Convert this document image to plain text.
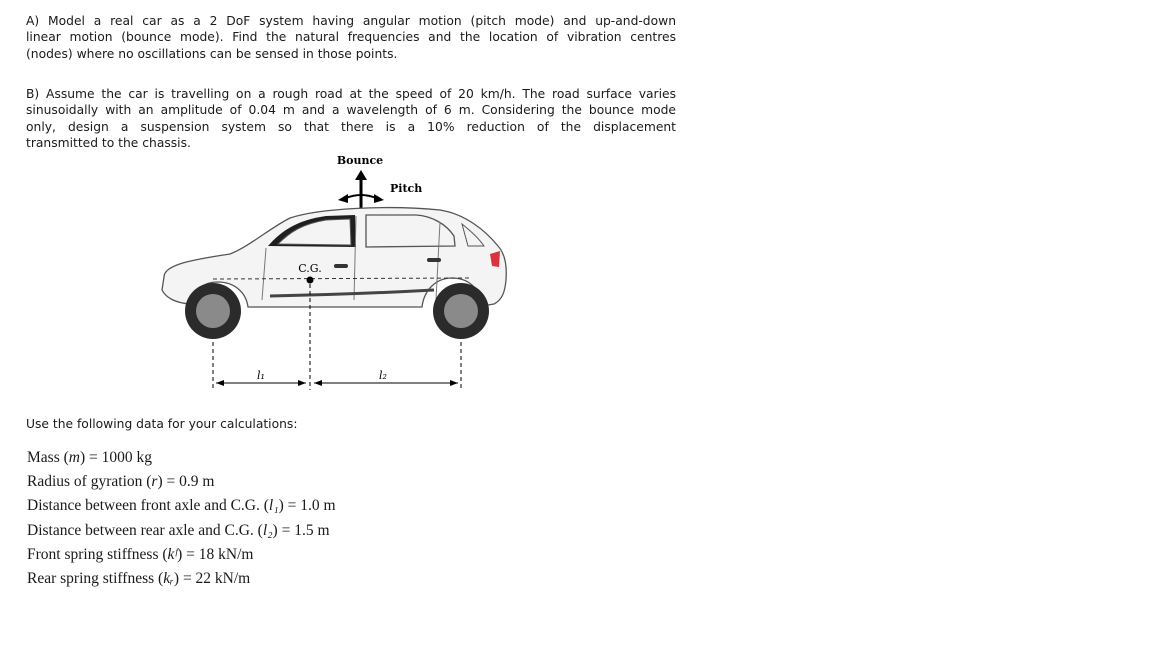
A) Model a real car as a 2 DoF system having angular motion (pitch mode) and up-and-down
linear motion (bounce mode). Find the natural frequencies and the location of vibration centres
(nodes) where no oscillations can be sensed in those points.
B) Assume the car is travelling on a rough road at the speed of 20 km/h. The road surface varies
sinusoidally with an amplitude of 0.04 m and a wavelength of 6 m. Considering the bounce mode
only, design a suspension system so that there is a 10% reduction of the displacement
transmitted to the chassis.
Bounce
Pitch
C.G.
l₁	l₂

Use the following data for your calculations:

Mass (m) = 1000 kg
Radius of gyration (r) = 0.9 m
Distance between front axle and C.G. (l₁) = 1.0 m
Distance between rear axle and C.G. (l₂) = 1.5 m
Front spring stiffness (kᶠ) = 18 kN/m
Rear spring stiffness (kᵣ) = 22 kN/m
